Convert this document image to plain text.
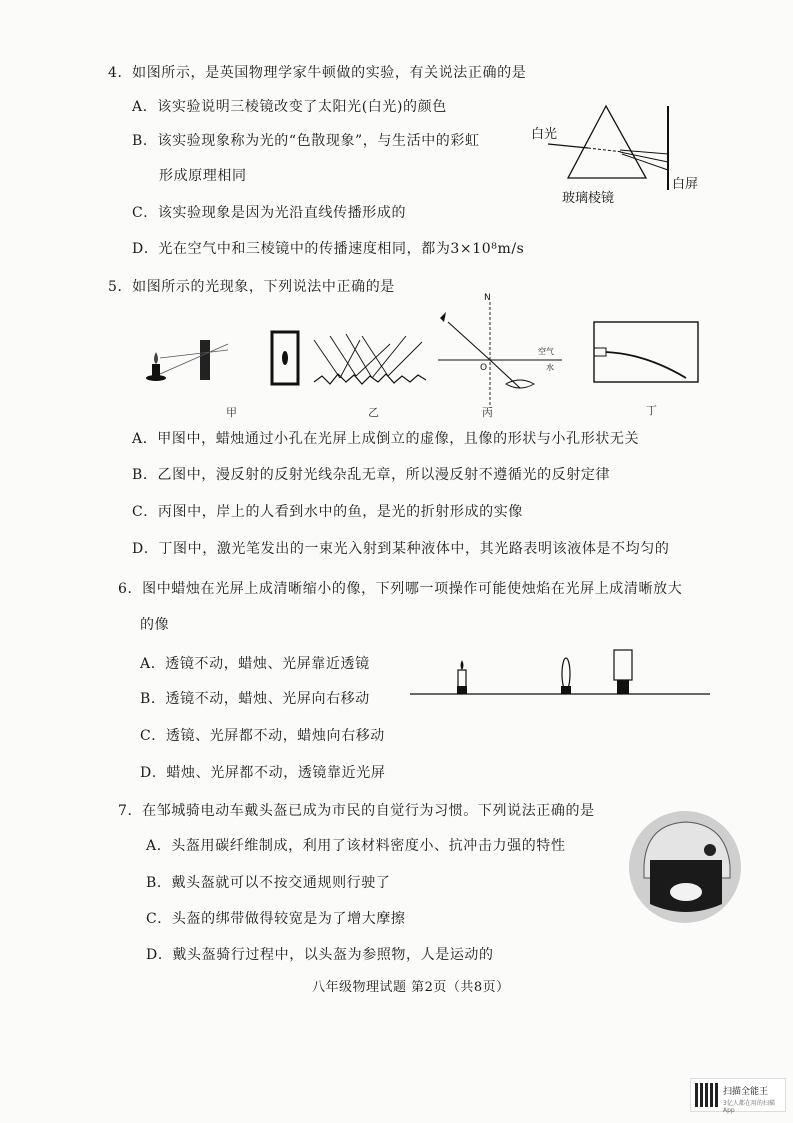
4．如图所示，是英国物理学家牛顿做的实验，有关说法正确的是
A．该实验说明三棱镜改变了太阳光(白光)的颜色
B．该实验现象称为光的“色散现象”，与生活中的彩虹
形成原理相同
C．该实验现象是因为光沿直线传播形成的
D．光在空气中和三棱镜中的传播速度相同，都为3×10⁸m/s
白光
白屏
玻璃棱镜
5．如图所示的光现象，下列说法中正确的是
甲	乙
N
O
空气
水
丙	丁
A．甲图中，蜡烛通过小孔在光屏上成倒立的虚像，且像的形状与小孔形状无关
B．乙图中，漫反射的反射光线杂乱无章，所以漫反射不遵循光的反射定律
C．丙图中，岸上的人看到水中的鱼，是光的折射形成的实像
D．丁图中，激光笔发出的一束光入射到某种液体中，其光路表明该液体是不均匀的
6．图中蜡烛在光屏上成清晰缩小的像，下列哪一项操作可能使烛焰在光屏上成清晰放大
的像
A．透镜不动，蜡烛、光屏靠近透镜
B．透镜不动，蜡烛、光屏向右移动
C．透镜、光屏都不动，蜡烛向右移动
D．蜡烛、光屏都不动，透镜靠近光屏
7．在邹城骑电动车戴头盔已成为市民的自觉行为习惯。下列说法正确的是
A．头盔用碳纤维制成，利用了该材料密度小、抗冲击力强的特性
B．戴头盔就可以不按交通规则行驶了
C．头盔的绑带做得较宽是为了增大摩擦
D．戴头盔骑行过程中，以头盔为参照物，人是运动的
八年级物理试题 第2页（共8页）
扫描全能王
3亿人都在用的扫描App
